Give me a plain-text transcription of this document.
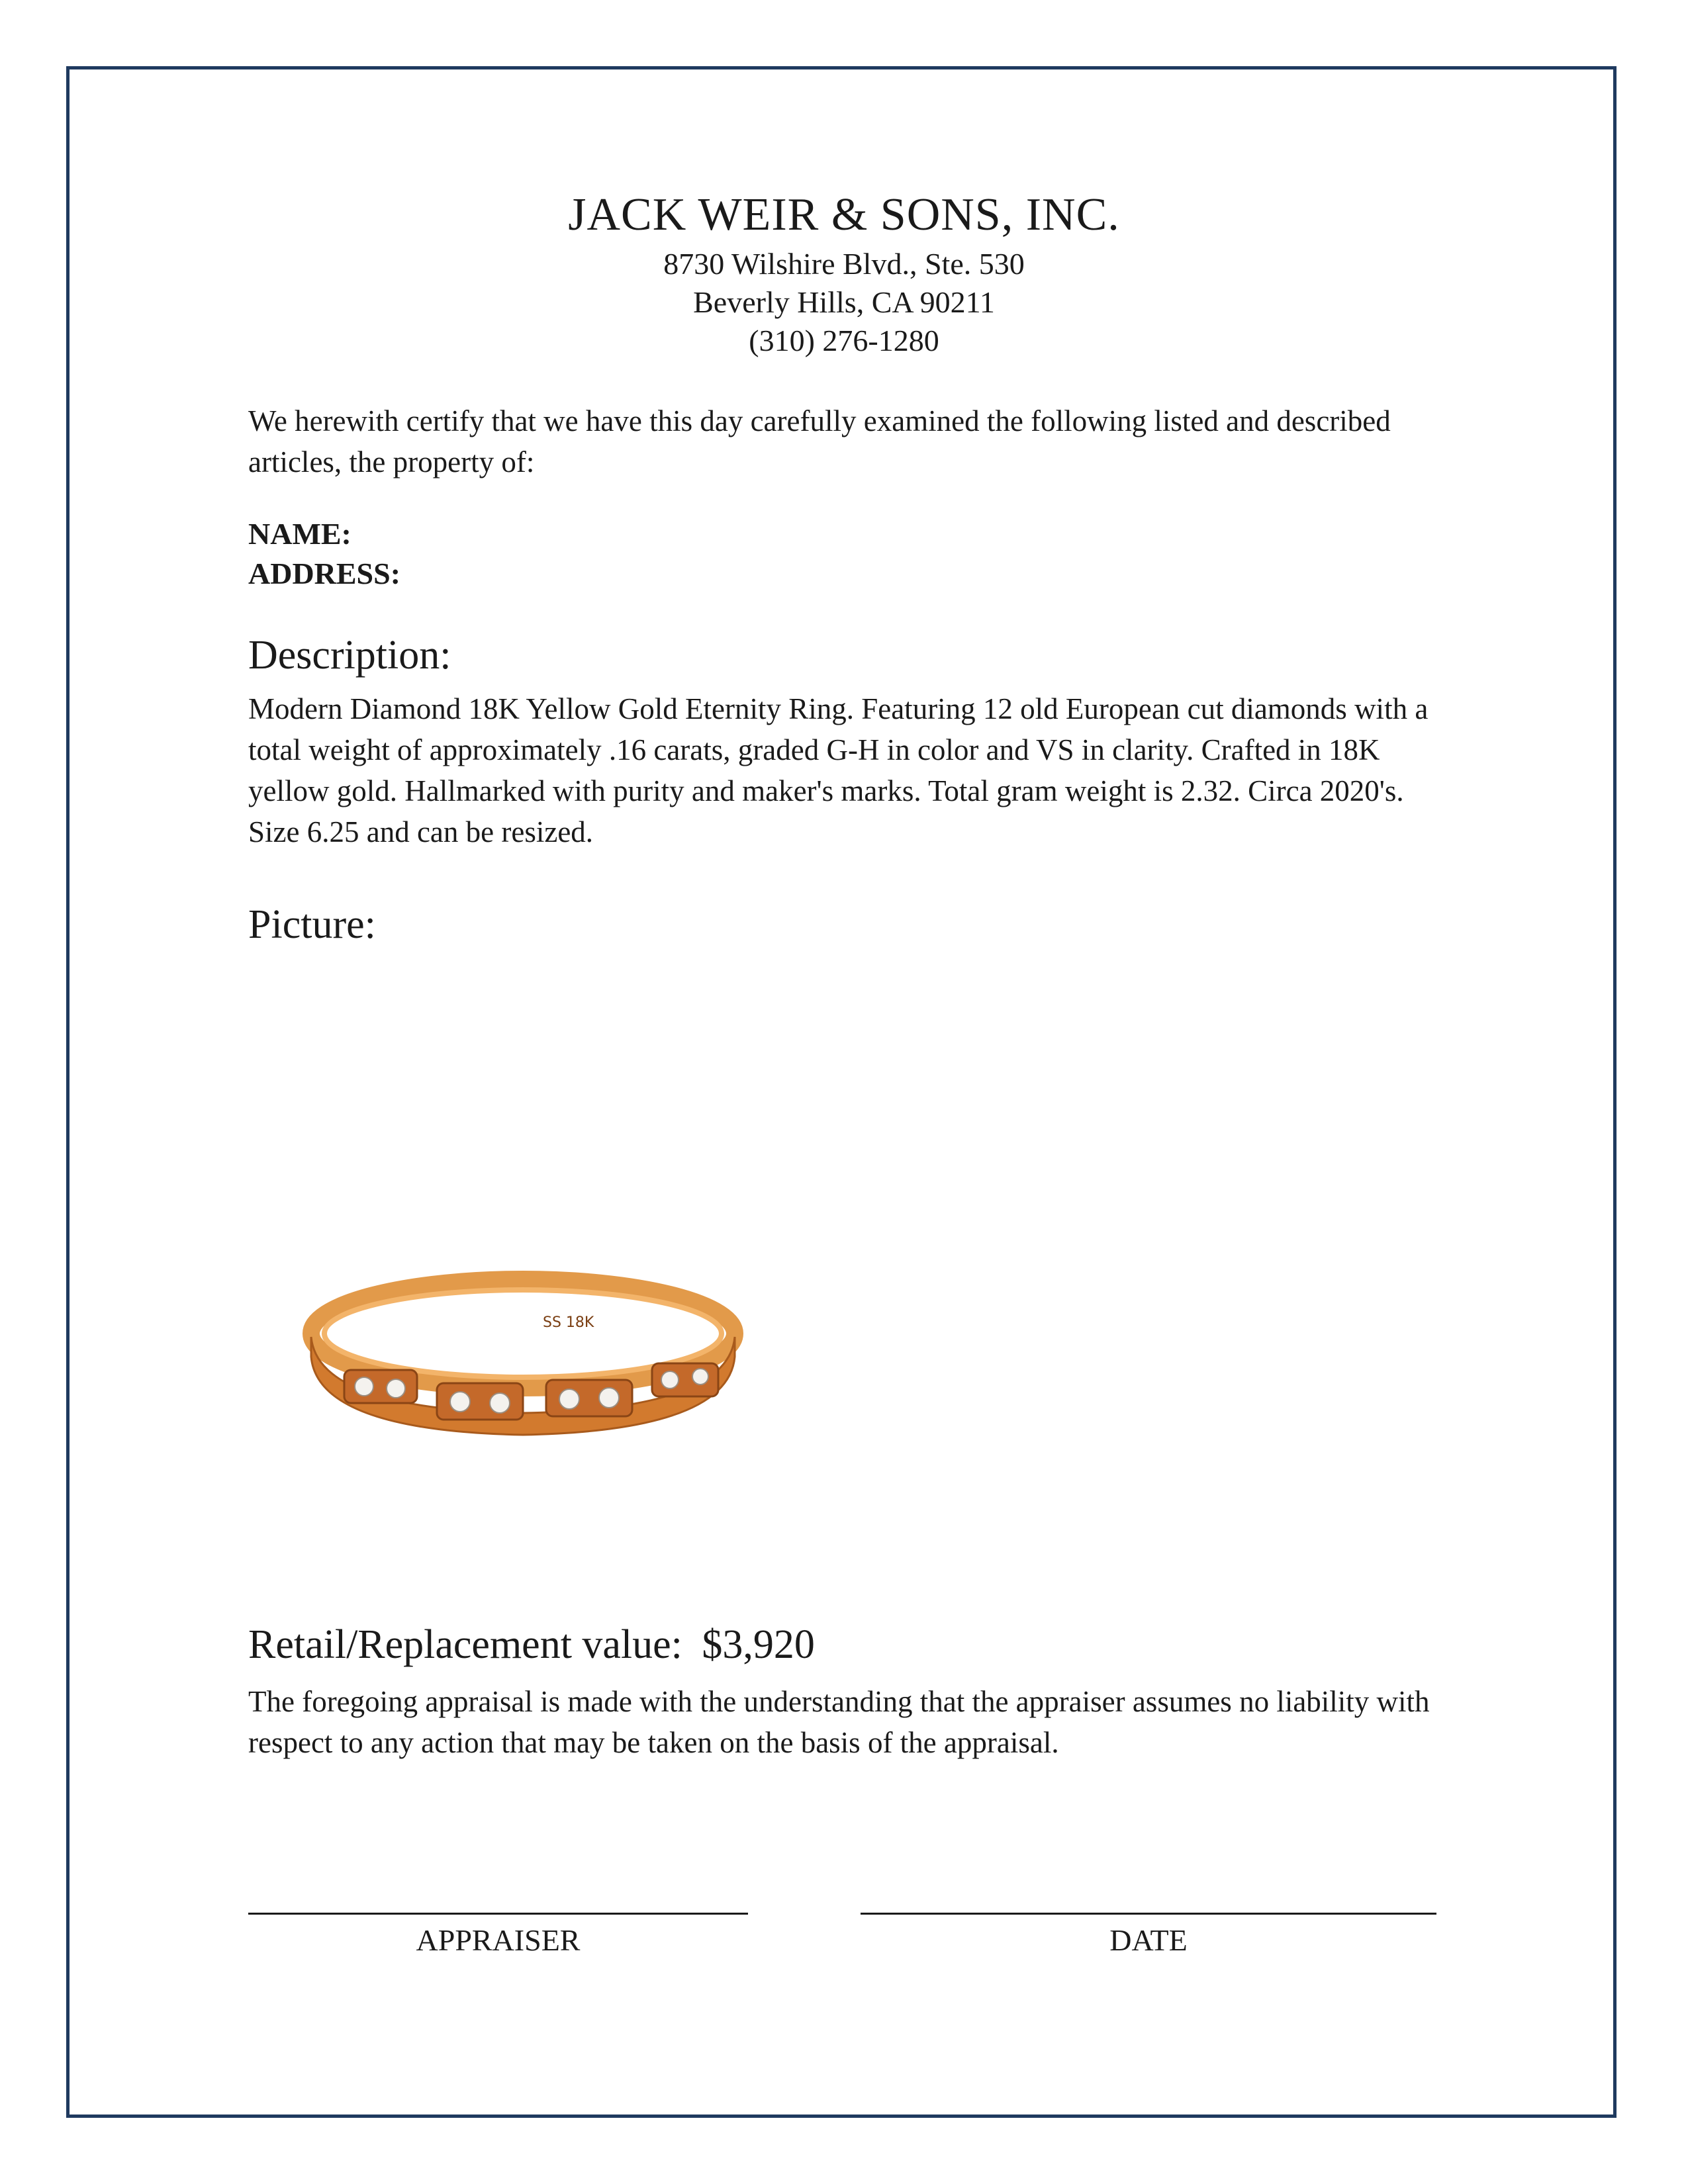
JACK WEIR & SONS, INC.
8730 Wilshire Blvd., Ste. 530
Beverly Hills, CA 90211
(310) 276-1280
We herewith certify that we have this day carefully examined the following listed and described articles, the property of:
NAME:
ADDRESS:
Description:
Modern Diamond 18K Yellow Gold Eternity Ring. Featuring 12 old European cut diamonds with a total weight of approximately .16 carats, graded G-H in color and VS in clarity. Crafted in 18K yellow gold. Hallmarked with purity and maker's marks. Total gram weight is 2.32. Circa 2020's. Size 6.25 and can be resized.
Picture:
SS 18K
Retail/Replacement value: $3,920
The foregoing appraisal is made with the understanding that the appraiser assumes no liability with respect to any action that may be taken on the basis of the appraisal.
APPRAISER	DATE
